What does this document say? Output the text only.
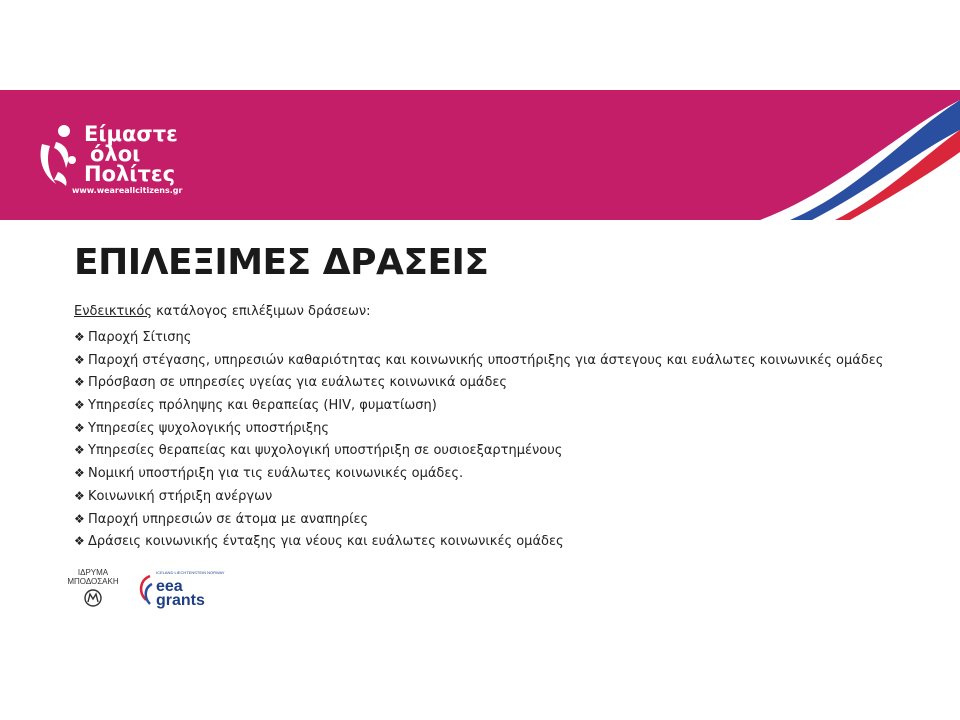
Είμαστε
όλοι
Πολίτες
www.weareallcitizens.gr
ΕΠΙΛΕΞΙΜΕΣ ΔΡΑΣΕΙΣ

Ενδεικτικός κατάλογος επιλέξιμων δράσεων:

❖ Παροχή Σίτισης
❖ Παροχή στέγασης, υπηρεσιών καθαριότητας και κοινωνικής υποστήριξης για άστεγους και ευάλωτες κοινωνικές ομάδες
❖ Πρόσβαση σε υπηρεσίες υγείας για ευάλωτες κοινωνικά ομάδες
❖ Υπηρεσίες πρόληψης και θεραπείας (HIV, φυματίωση)
❖ Υπηρεσίες ψυχολογικής υποστήριξης
❖ Υπηρεσίες θεραπείας και ψυχολογική υποστήριξη σε ουσιοεξαρτημένους
❖ Νομική υποστήριξη για τις ευάλωτες κοινωνικές ομάδες.
❖ Κοινωνική στήριξη ανέργων
❖ Παροχή υπηρεσιών σε άτομα με αναπηρίες
❖ Δράσεις κοινωνικής ένταξης για νέους και ευάλωτες κοινωνικές ομάδες
ΙΔΡΥΜΑ
ΜΠΟΔΟΣΑΚΗ
ICELAND LIECHTENSTEIN NORWAY
eea
grants
